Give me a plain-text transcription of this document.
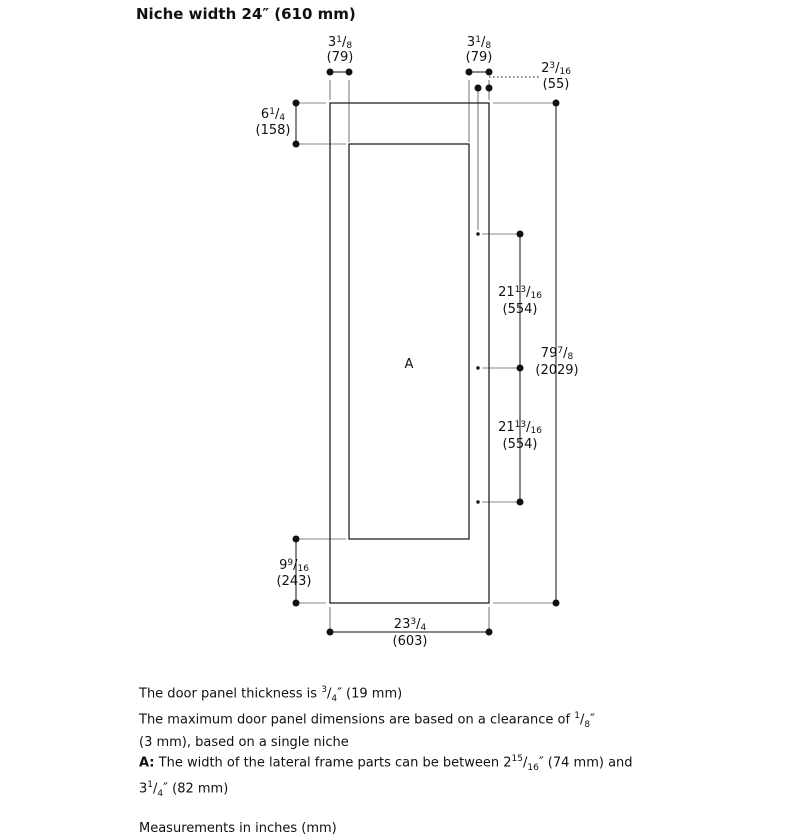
Niche width 24″ (610 mm)
A
$3^1/8$
(79)
$3^1/8$
(79)
$2^3/16$
(55)
$6^1/4$
(158)
$9^9/16$
(243)
$21^{13}/16$
(554)
$21^{13}/16$
(554)
$79^7/8$
(2029)
$23^3/4$
(603)

The door panel thickness is $^3/_4''$ (19 mm)

The maximum door panel dimensions are based on a clearance of $^1/_8''$

(3 mm), based on a single niche

A: The width of the lateral frame parts can be between $2^{15}/_{16}''$ (74 mm) and

$3^1/_4''$ (82 mm)

Measurements in inches (mm)
